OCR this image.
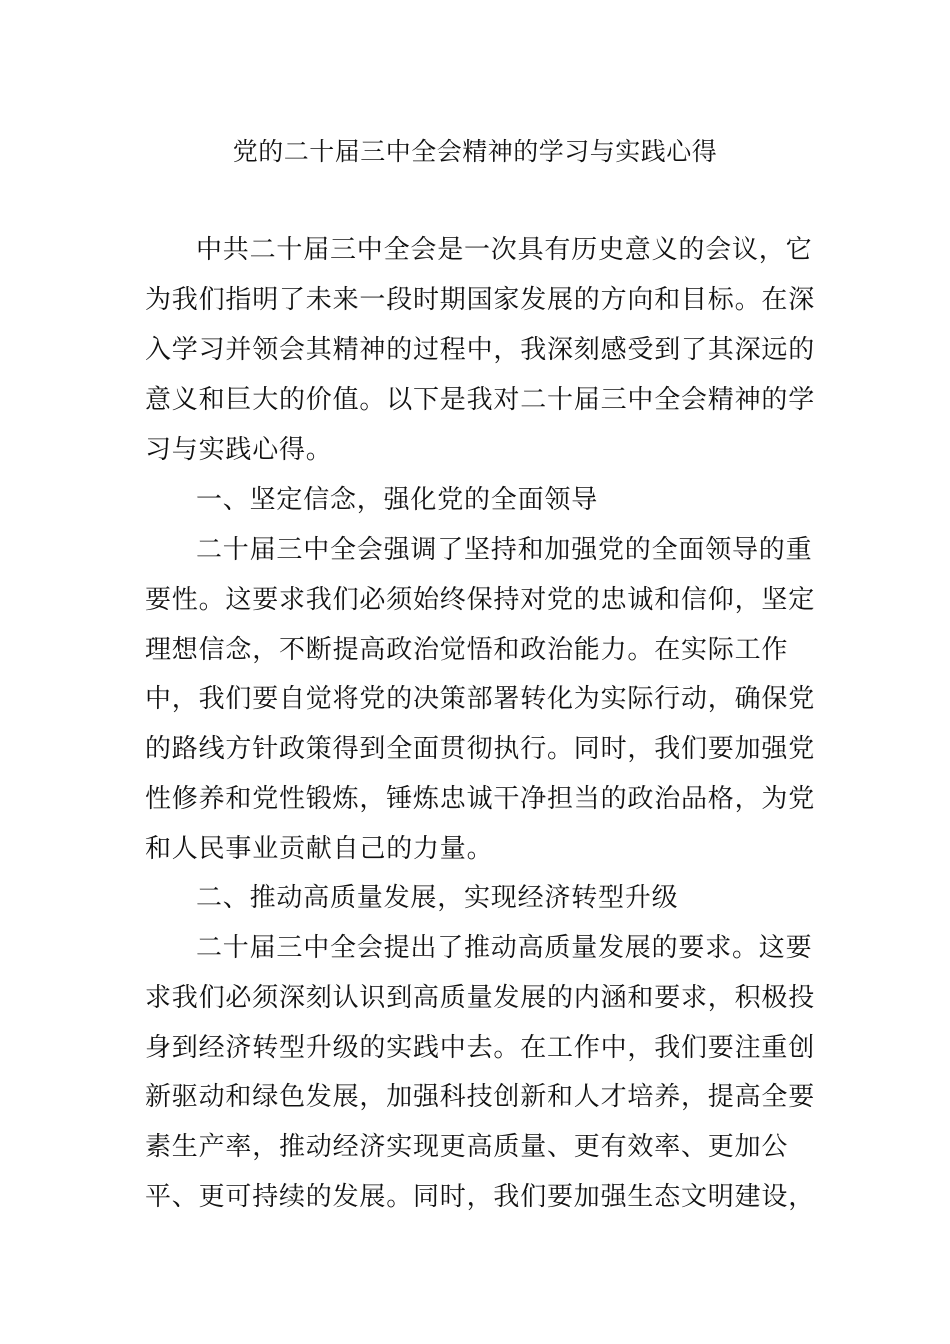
党的二十届三中全会精神的学习与实践心得

中共二十届三中全会是一次具有历史意义的会议，它

为我们指明了未来一段时期国家发展的方向和目标。在深

入学习并领会其精神的过程中，我深刻感受到了其深远的

意义和巨大的价值。以下是我对二十届三中全会精神的学

习与实践心得。

一、坚定信念，强化党的全面领导

二十届三中全会强调了坚持和加强党的全面领导的重

要性。这要求我们必须始终保持对党的忠诚和信仰，坚定

理想信念，不断提高政治觉悟和政治能力。在实际工作

中，我们要自觉将党的决策部署转化为实际行动，确保党

的路线方针政策得到全面贯彻执行。同时，我们要加强党

性修养和党性锻炼，锤炼忠诚干净担当的政治品格，为党

和人民事业贡献自己的力量。

二、推动高质量发展，实现经济转型升级

二十届三中全会提出了推动高质量发展的要求。这要

求我们必须深刻认识到高质量发展的内涵和要求，积极投

身到经济转型升级的实践中去。在工作中，我们要注重创

新驱动和绿色发展，加强科技创新和人才培养，提高全要

素生产率，推动经济实现更高质量、更有效率、更加公

平、更可持续的发展。同时，我们要加强生态文明建设，
